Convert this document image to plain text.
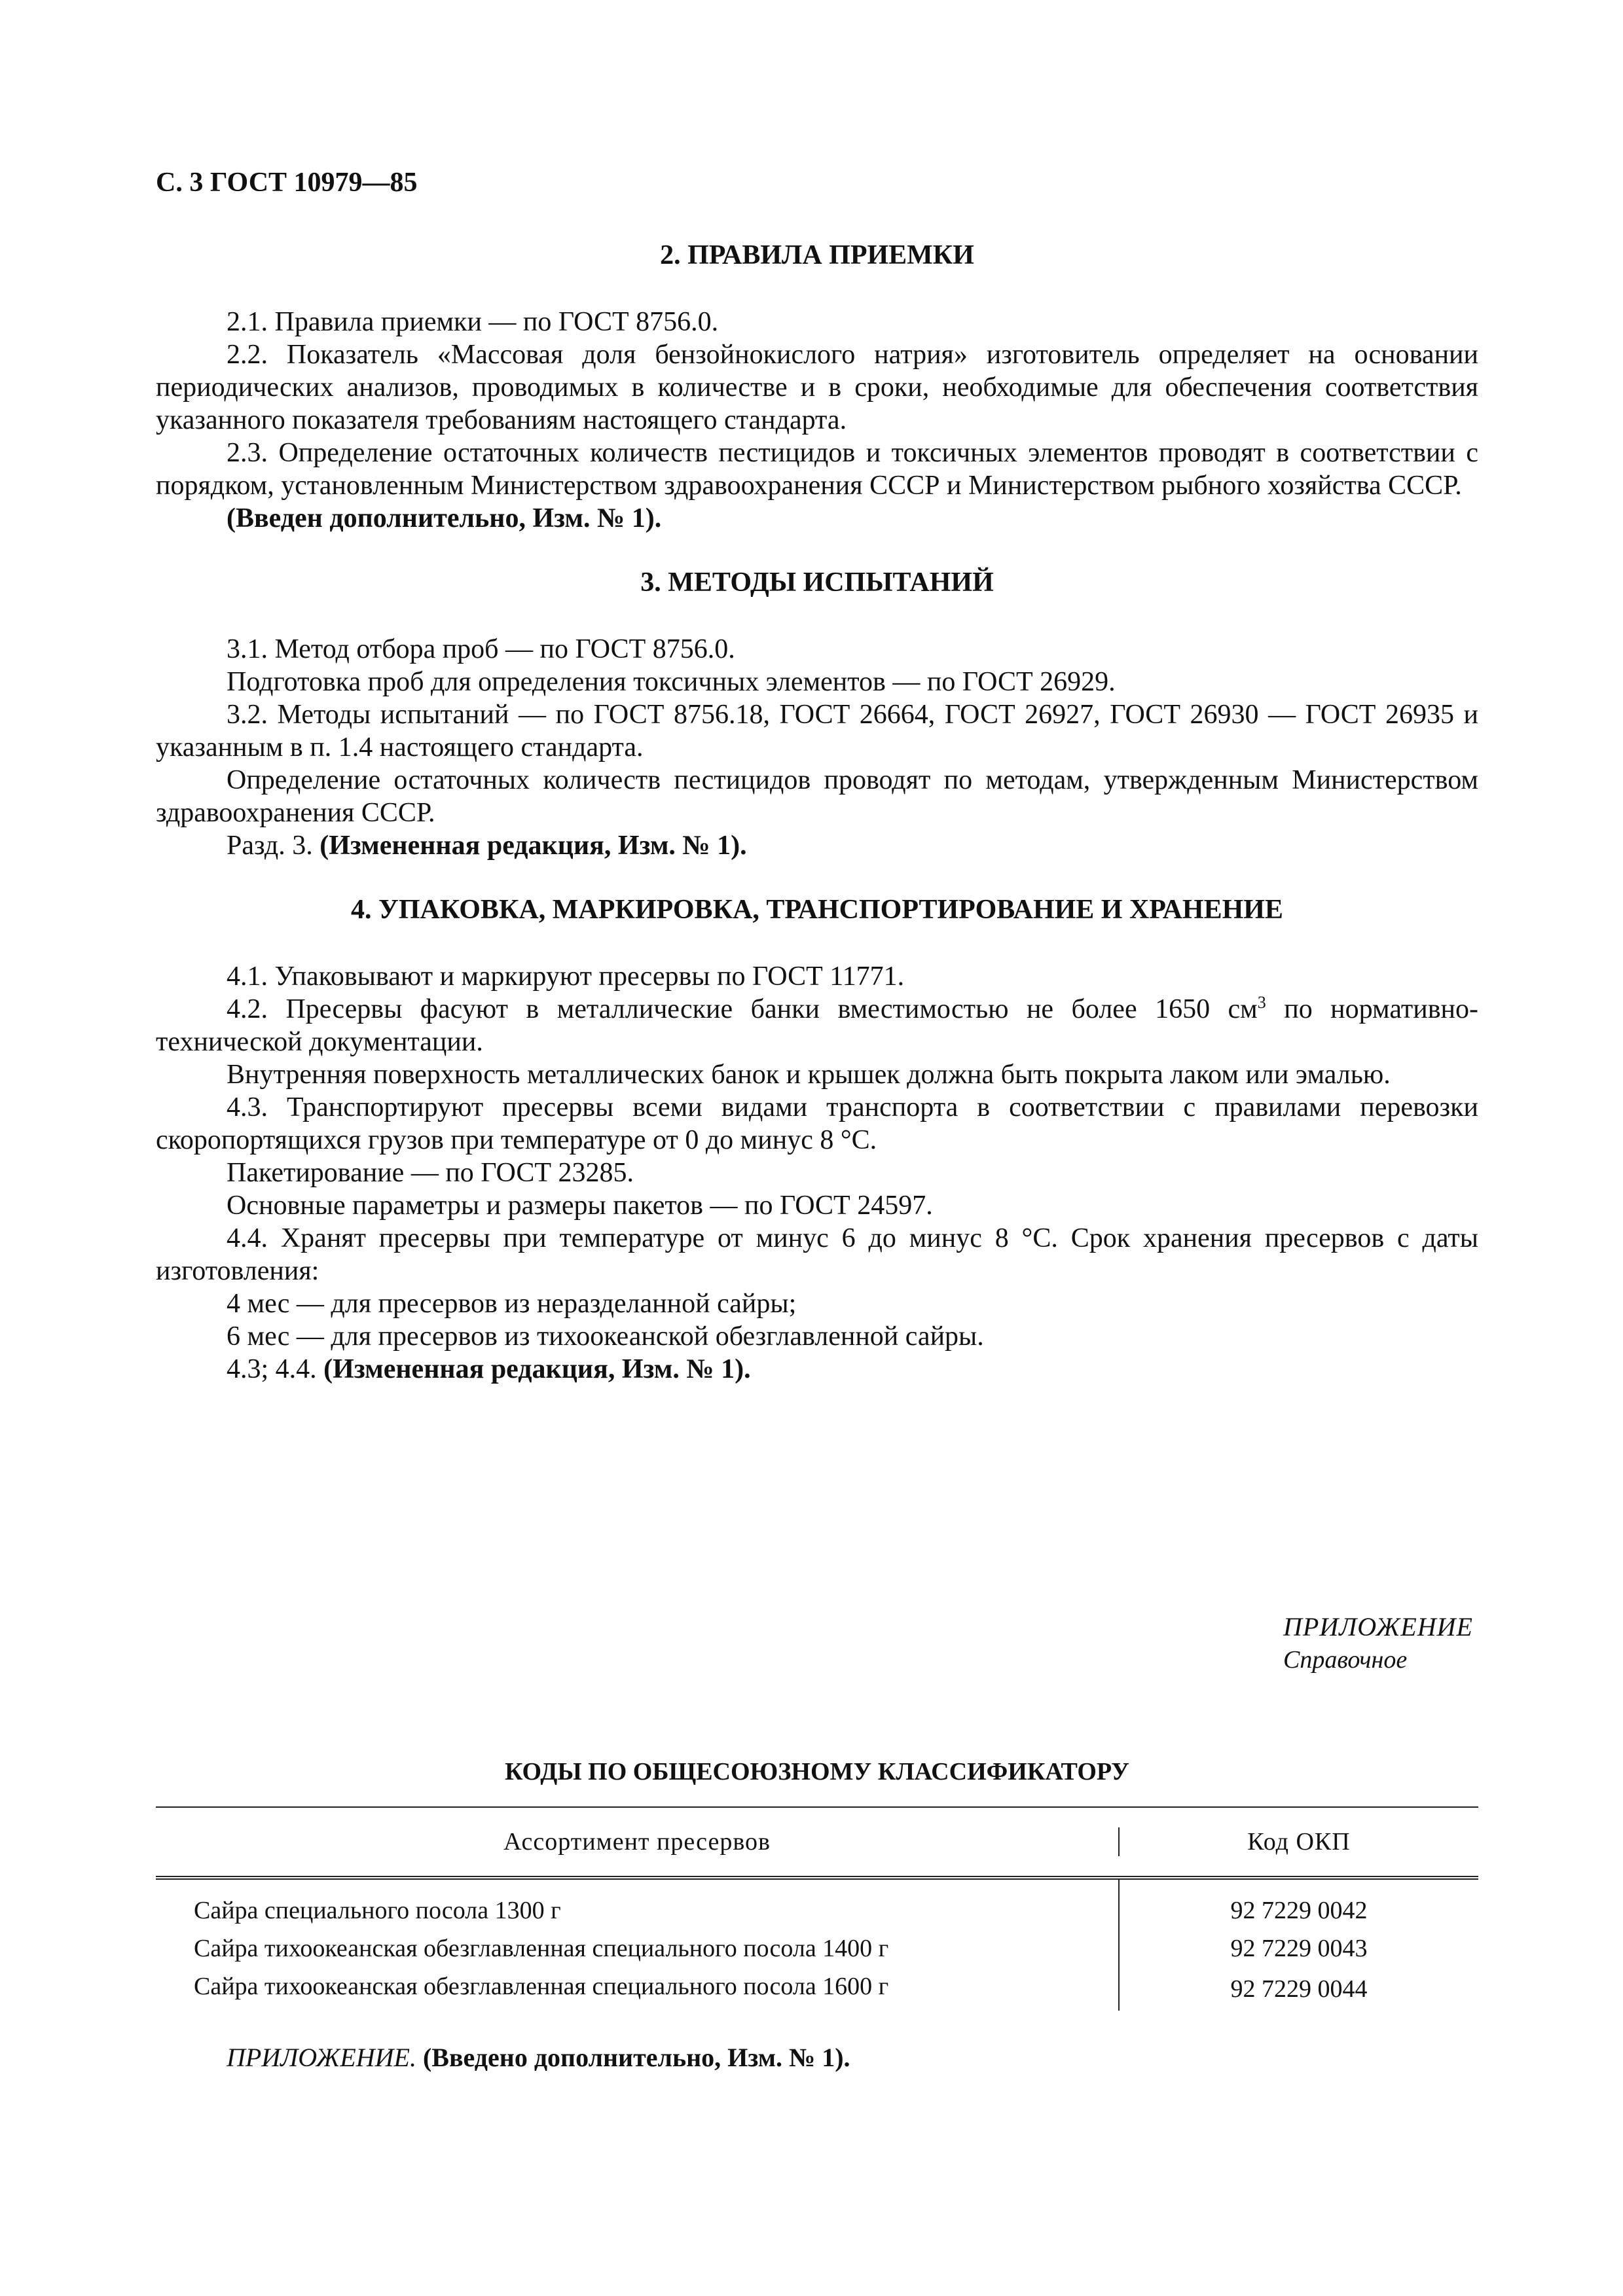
С. 3 ГОСТ 10979—85
2. ПРАВИЛА ПРИЕМКИ

2.1. Правила приемки — по ГОСТ 8756.0.

2.2. Показатель «Массовая доля бензойнокислого натрия» изготовитель определяет на основании периодических анализов, проводимых в количестве и в сроки, необходимые для обеспечения соответствия указанного показателя требованиям настоящего стандарта.

2.3. Определение остаточных количеств пестицидов и токсичных элементов проводят в соответствии с порядком, установленным Министерством здравоохранения СССР и Министерством рыбного хозяйства СССР.

(Введен дополнительно, Изм. № 1).

3. МЕТОДЫ ИСПЫТАНИЙ

3.1. Метод отбора проб — по ГОСТ 8756.0.

Подготовка проб для определения токсичных элементов — по ГОСТ 26929.

3.2. Методы испытаний — по ГОСТ 8756.18, ГОСТ 26664, ГОСТ 26927, ГОСТ 26930 — ГОСТ 26935 и указанным в п. 1.4 настоящего стандарта.

Определение остаточных количеств пестицидов проводят по методам, утвержденным Министерством здравоохранения СССР.

Разд. 3. (Измененная редакция, Изм. № 1).

4. УПАКОВКА, МАРКИРОВКА, ТРАНСПОРТИРОВАНИЕ И ХРАНЕНИЕ

4.1. Упаковывают и маркируют пресервы по ГОСТ 11771.

4.2. Пресервы фасуют в металлические банки вместимостью не более 1650 $см^3$ по нормативно-технической документации.

Внутренняя поверхность металлических банок и крышек должна быть покрыта лаком или эмалью.

4.3. Транспортируют пресервы всеми видами транспорта в соответствии с правилами перевозки скоропортящихся грузов при температуре от 0 до минус 8 °С.

Пакетирование — по ГОСТ 23285.

Основные параметры и размеры пакетов — по ГОСТ 24597.

4.4. Хранят пресервы при температуре от минус 6 до минус 8 °С. Срок хранения пресервов с даты изготовления:

4 мес — для пресервов из неразделанной сайры;

6 мес — для пресервов из тихоокеанской обезглавленной сайры.

4.3; 4.4. (Измененная редакция, Изм. № 1).

ПРИЛОЖЕНИЕ
Справочное
КОДЫ ПО ОБЩЕСОЮЗНОМУ КЛАССИФИКАТОРУ
Ассортимент пресервов	Код ОКП
Сайра специального посола 1300 г	92 7229 0042
Сайра тихоокеанская обезглавленная специального посола 1400 г	92 7229 0043
Сайра тихоокеанская обезглавленная специального посола 1600 г	92 7229 0044
ПРИЛОЖЕНИЕ. (Введено дополнительно, Изм. № 1).
